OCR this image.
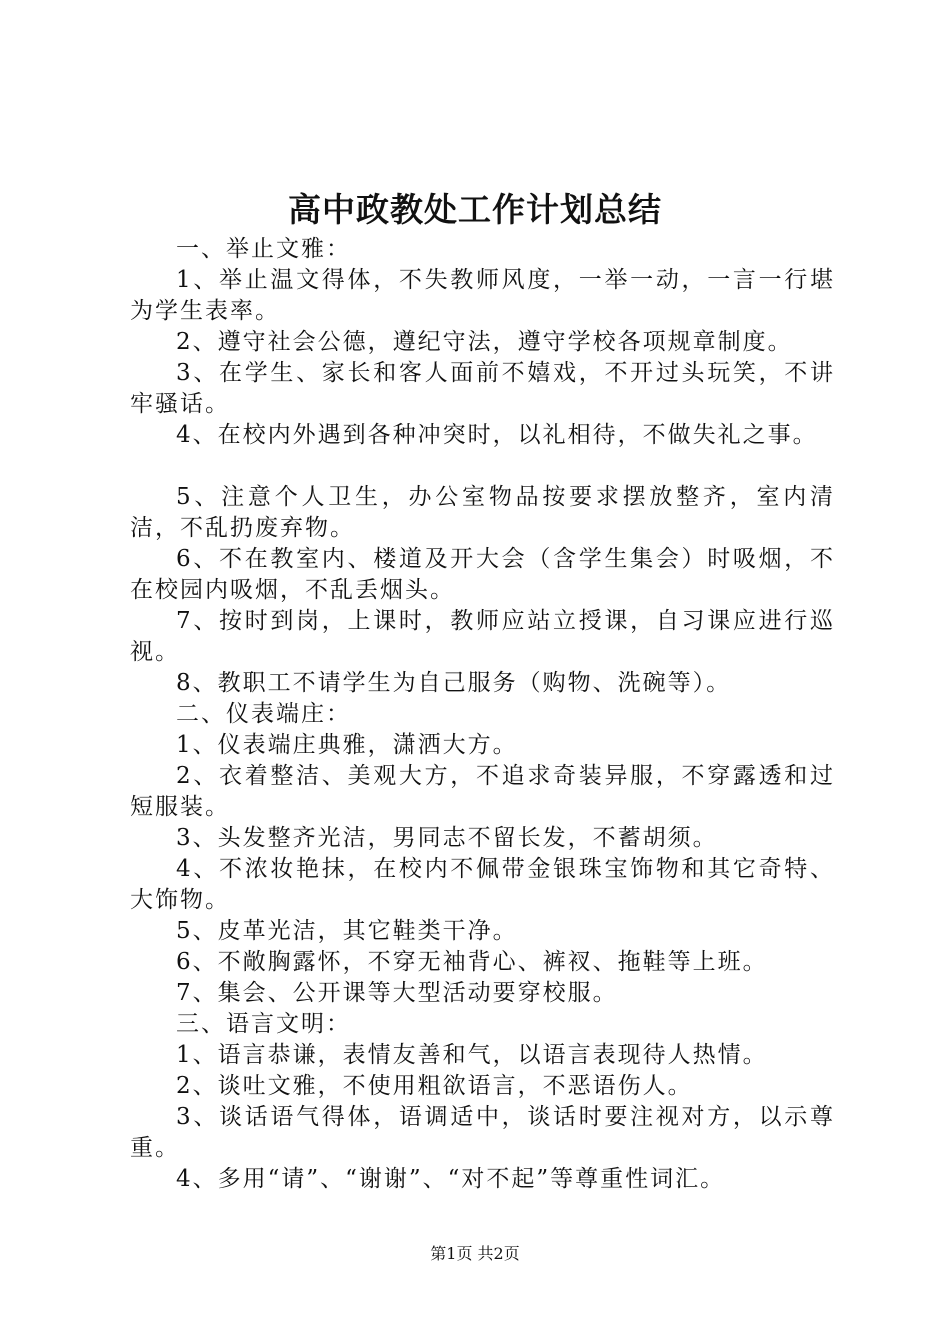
高中政教处工作计划总结

一、举止文雅：

1、举止温文得体，不失教师风度，一举一动，一言一行堪为学生表率。

2、遵守社会公德，遵纪守法，遵守学校各项规章制度。

3、在学生、家长和客人面前不嬉戏，不开过头玩笑，不讲牢骚话。

4、在校内外遇到各种冲突时，以礼相待，不做失礼之事。

5、注意个人卫生，办公室物品按要求摆放整齐，室内清洁，不乱扔废弃物。

6、不在教室内、楼道及开大会（含学生集会）时吸烟，不在校园内吸烟，不乱丢烟头。

7、按时到岗，上课时，教师应站立授课，自习课应进行巡视。

8、教职工不请学生为自己服务（购物、洗碗等）。

二、仪表端庄：

1、仪表端庄典雅，潇洒大方。

2、衣着整洁、美观大方，不追求奇装异服，不穿露透和过短服装。

3、头发整齐光洁，男同志不留长发，不蓄胡须。

4、不浓妆艳抹，在校内不佩带金银珠宝饰物和其它奇特、大饰物。

5、皮革光洁，其它鞋类干净。

6、不敞胸露怀，不穿无袖背心、裤衩、拖鞋等上班。

7、集会、公开课等大型活动要穿校服。

三、语言文明：

1、语言恭谦，表情友善和气，以语言表现待人热情。

2、谈吐文雅，不使用粗欲语言，不恶语伤人。

3、谈话语气得体，语调适中，谈话时要注视对方，以示尊重。

4、多用“请”、“谢谢”、“对不起”等尊重性词汇。

第1页 共2页
